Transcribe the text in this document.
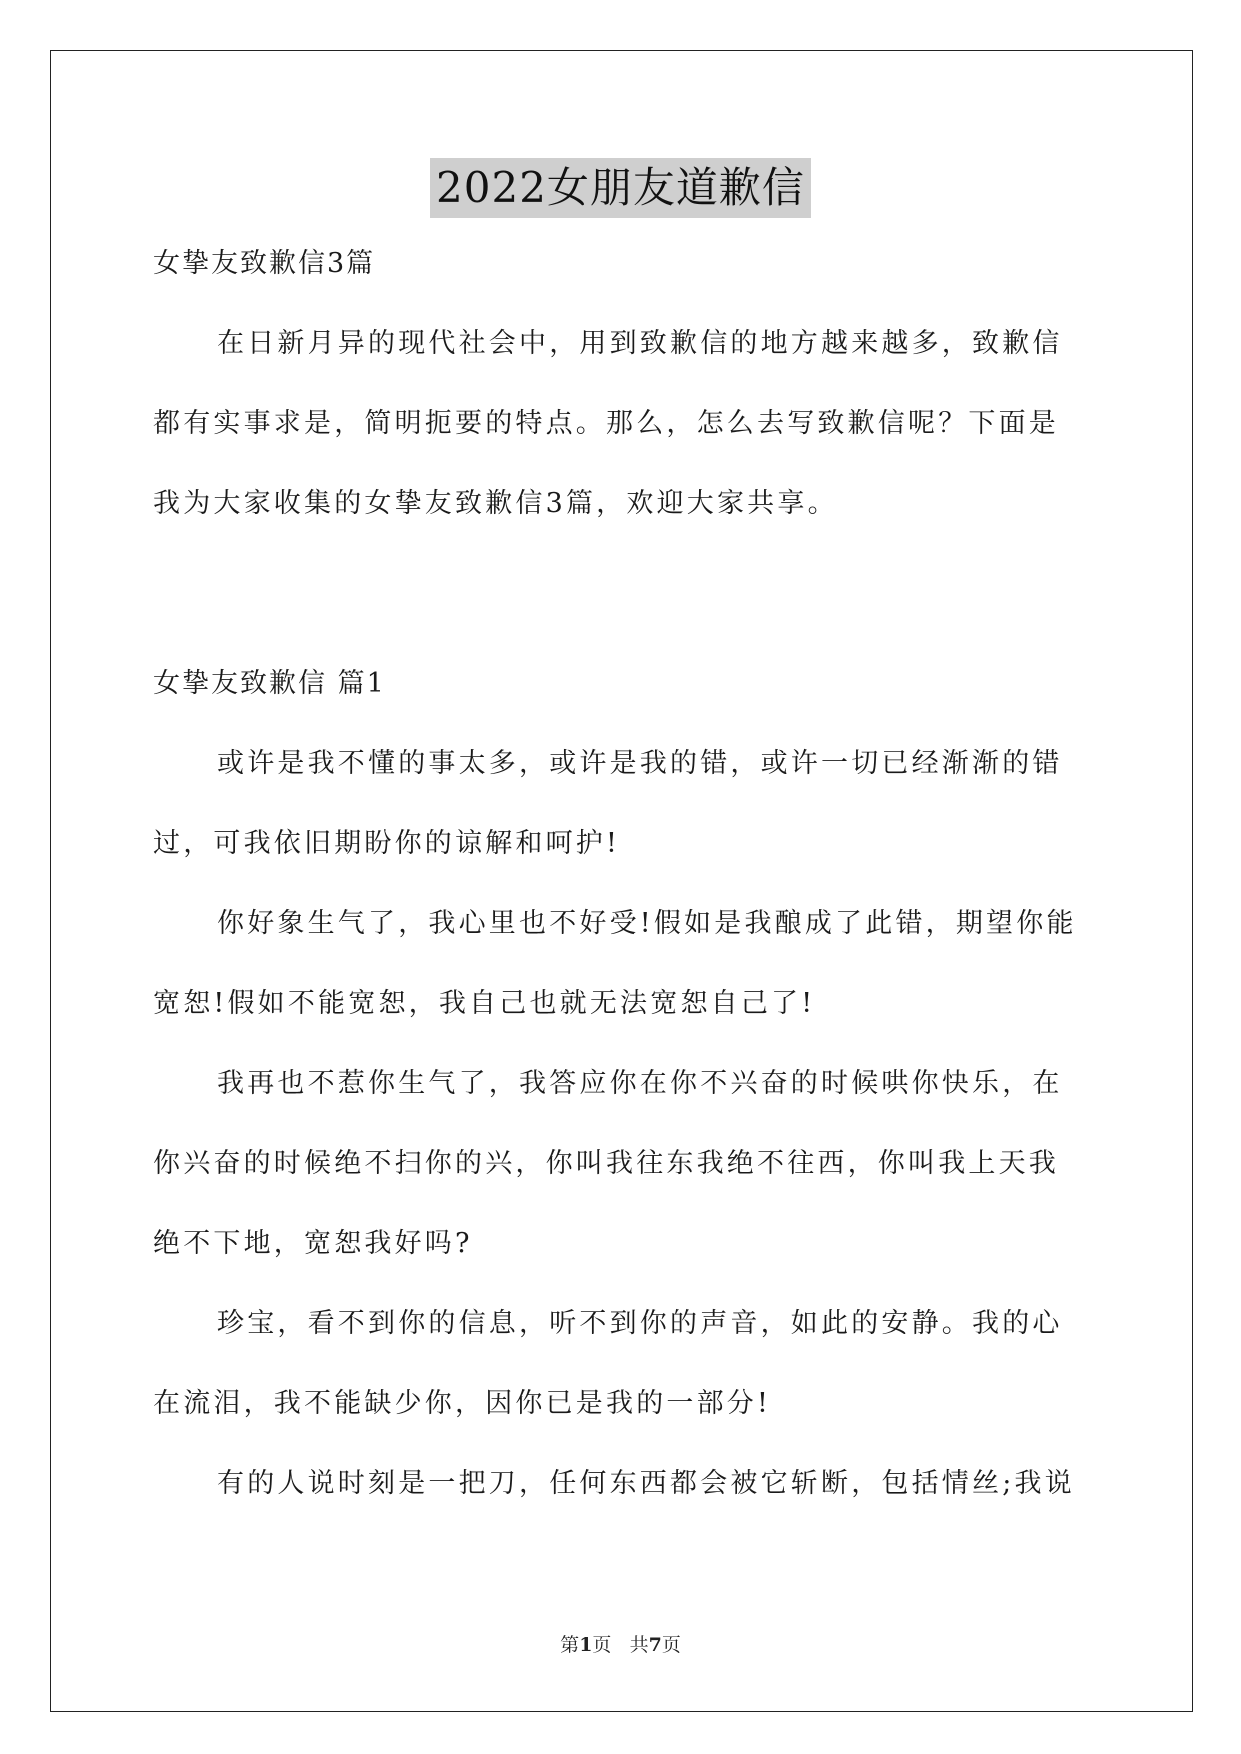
2022女朋友道歉信
女挚友致歉信3篇
在日新月异的现代社会中，用到致歉信的地方越来越多，致歉信
都有实事求是，简明扼要的特点。那么，怎么去写致歉信呢？下面是
我为大家收集的女挚友致歉信3篇，欢迎大家共享。
女挚友致歉信 篇1
或许是我不懂的事太多，或许是我的错，或许一切已经渐渐的错
过，可我依旧期盼你的谅解和呵护!
你好象生气了，我心里也不好受!假如是我酿成了此错，期望你能
宽恕!假如不能宽恕，我自己也就无法宽恕自己了!
我再也不惹你生气了，我答应你在你不兴奋的时候哄你快乐，在
你兴奋的时候绝不扫你的兴，你叫我往东我绝不往西，你叫我上天我
绝不下地，宽恕我好吗?
珍宝，看不到你的信息，听不到你的声音，如此的安静。我的心
在流泪，我不能缺少你，因你已是我的一部分!
有的人说时刻是一把刀，任何东西都会被它斩断，包括情丝;我说
第1页 共7页
